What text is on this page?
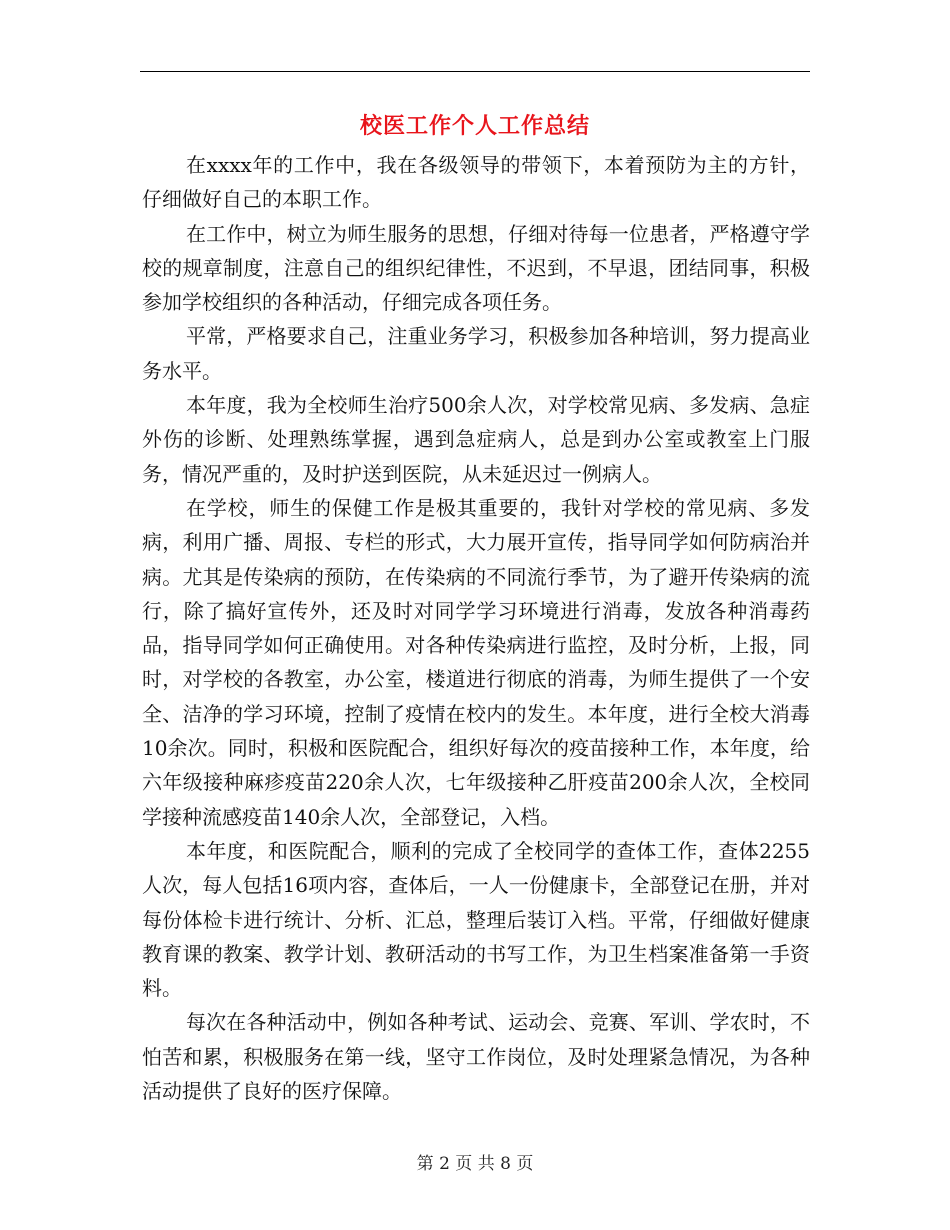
校医工作个人工作总结

在xxxx年的工作中，我在各级领导的带领下，本着预防为主的方针，仔细做好自己的本职工作。

在工作中，树立为师生服务的思想，仔细对待每一位患者，严格遵守学校的规章制度，注意自己的组织纪律性，不迟到，不早退，团结同事，积极参加学校组织的各种活动，仔细完成各项任务。

平常，严格要求自己，注重业务学习，积极参加各种培训，努力提高业务水平。

本年度，我为全校师生治疗500余人次，对学校常见病、多发病、急症外伤的诊断、处理熟练掌握，遇到急症病人，总是到办公室或教室上门服务，情况严重的，及时护送到医院，从未延迟过一例病人。

在学校，师生的保健工作是极其重要的，我针对学校的常见病、多发病，利用广播、周报、专栏的形式，大力展开宣传，指导同学如何防病治并病。尤其是传染病的预防，在传染病的不同流行季节，为了避开传染病的流行，除了搞好宣传外，还及时对同学学习环境进行消毒，发放各种消毒药品，指导同学如何正确使用。对各种传染病进行监控，及时分析，上报，同时，对学校的各教室，办公室，楼道进行彻底的消毒，为师生提供了一个安全、洁净的学习环境，控制了疫情在校内的发生。本年度，进行全校大消毒10余次。同时，积极和医院配合，组织好每次的疫苗接种工作，本年度，给六年级接种麻疹疫苗220余人次，七年级接种乙肝疫苗200余人次，全校同学接种流感疫苗140余人次，全部登记，入档。

本年度，和医院配合，顺利的完成了全校同学的查体工作，查体2255人次，每人包括16项内容，查体后，一人一份健康卡，全部登记在册，并对每份体检卡进行统计、分析、汇总，整理后装订入档。平常，仔细做好健康教育课的教案、教学计划、教研活动的书写工作，为卫生档案准备第一手资料。

每次在各种活动中，例如各种考试、运动会、竞赛、军训、学农时，不怕苦和累，积极服务在第一线，坚守工作岗位，及时处理紧急情况，为各种活动提供了良好的医疗保障。

第 2 页 共 8 页
